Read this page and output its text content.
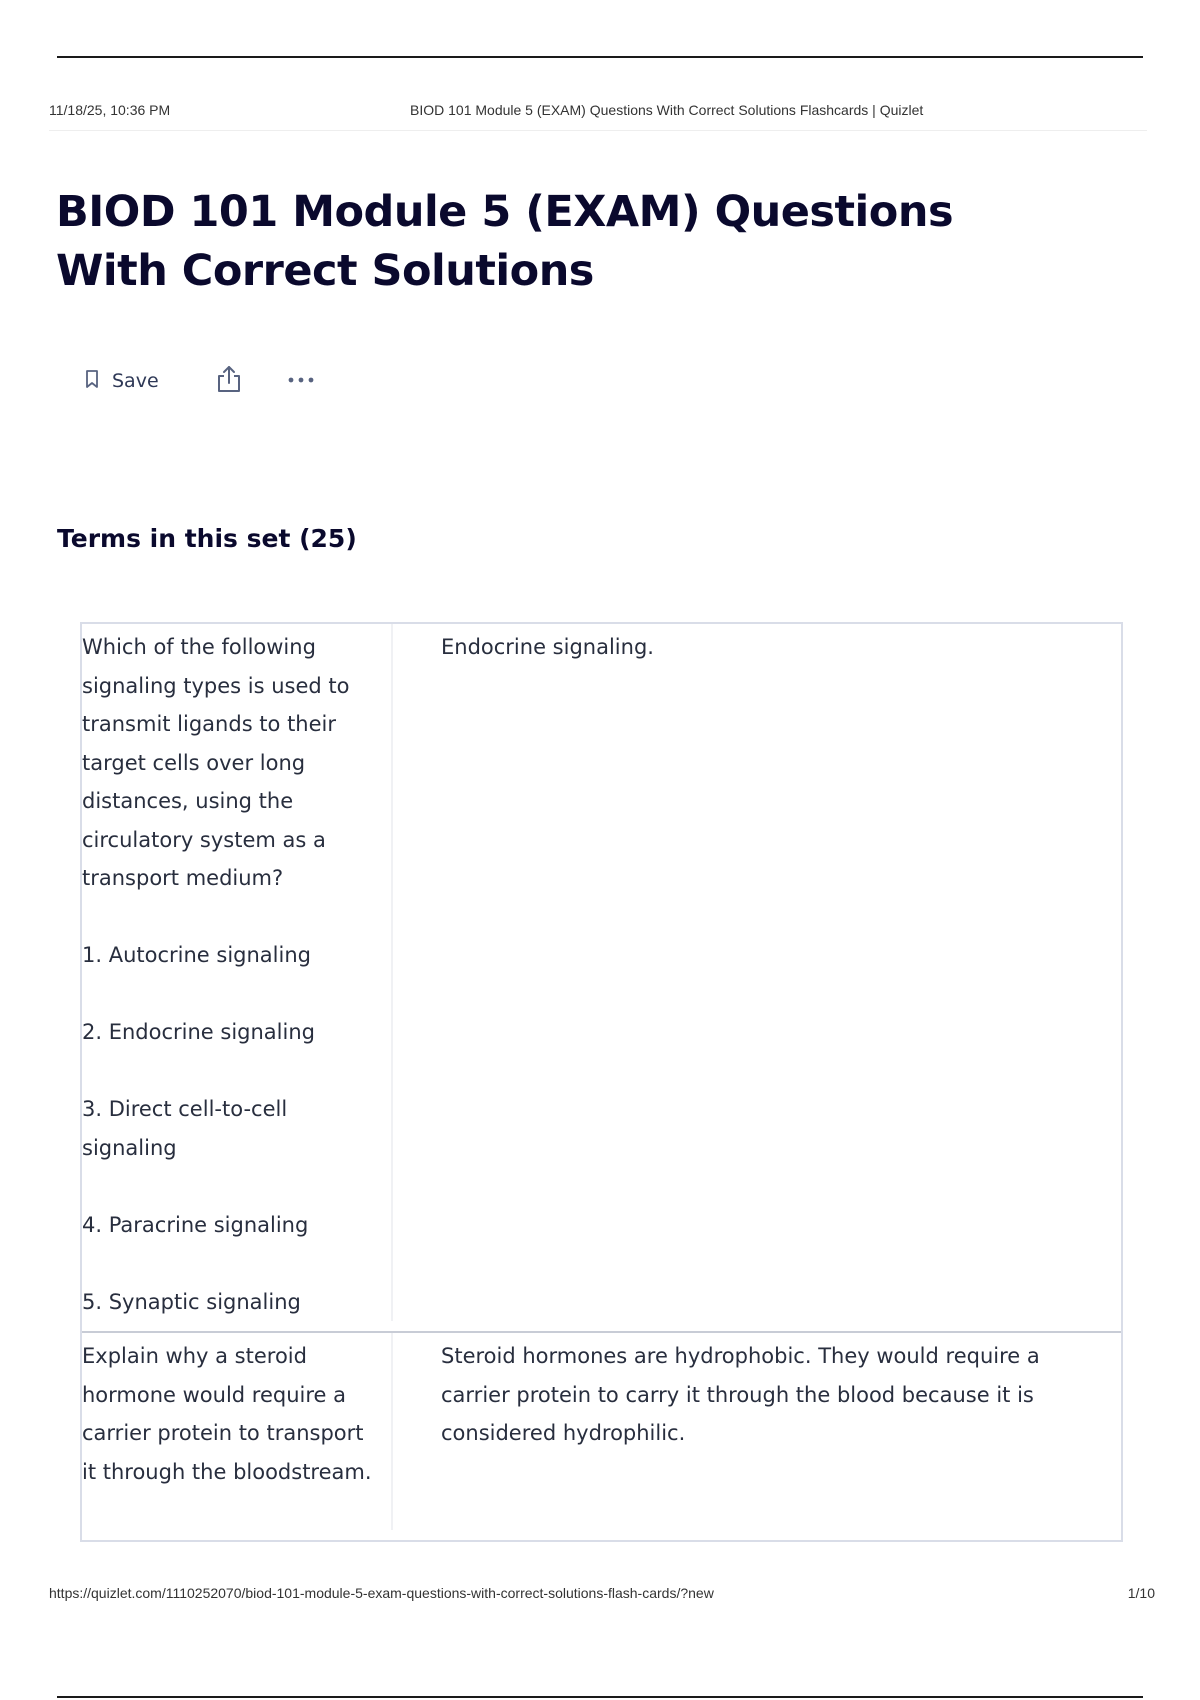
11/18/25, 10:36 PM	BIOD 101 Module 5 (EXAM) Questions With Correct Solutions Flashcards | Quizlet
BIOD 101 Module 5 (EXAM) Questions With Correct Solutions
Save
Terms in this set (25)

Which of the following signaling types is used to transmit ligands to their target cells over long distances, using the circulatory system as a transport medium?

1. Autocrine signaling

2. Endocrine signaling

3. Direct cell-to-cell signaling

4. Paracrine signaling

5. Synaptic signaling

Endocrine signaling.

Explain why a steroid hormone would require a carrier protein to transport it through the bloodstream.

Steroid hormones are hydrophobic. They would require a carrier protein to carry it through the blood because it is considered hydrophilic.
https://quizlet.com/1110252070/biod-101-module-5-exam-questions-with-correct-solutions-flash-cards/?new	1/10
